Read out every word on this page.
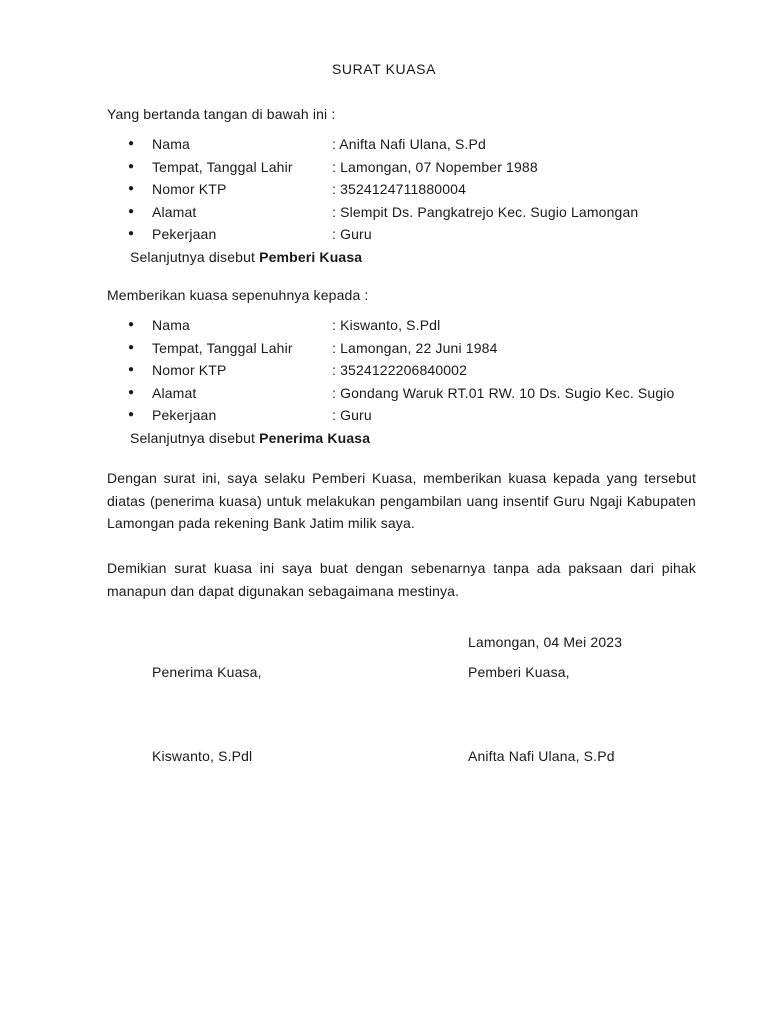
SURAT KUASA
Yang bertanda tangan di bawah ini :
● Nama	: Anifta Nafi Ulana, S.Pd
● Tempat, Tanggal Lahir	: Lamongan, 07 Nopember 1988
● Nomor KTP	: 3524124711880004
● Alamat	: Slempit Ds. Pangkatrejo Kec. Sugio Lamongan
● Pekerjaan	: Guru
Selanjutnya disebut Pemberi Kuasa
Memberikan kuasa sepenuhnya kepada :
● Nama	: Kiswanto, S.Pdl
● Tempat, Tanggal Lahir	: Lamongan, 22 Juni 1984
● Nomor KTP	: 3524122206840002
● Alamat	: Gondang Waruk RT.01 RW. 10 Ds. Sugio Kec. Sugio
● Pekerjaan	: Guru
Selanjutnya disebut Penerima Kuasa
Dengan surat ini, saya selaku Pemberi Kuasa, memberikan kuasa kepada yang tersebut diatas (penerima kuasa) untuk melakukan pengambilan uang insentif Guru Ngaji Kabupaten Lamongan pada rekening Bank Jatim milik saya.
Demikian surat kuasa ini saya buat dengan sebenarnya tanpa ada paksaan dari pihak manapun dan dapat digunakan sebagaimana mestinya.
Lamongan, 04 Mei 2023
Penerima Kuasa,	Pemberi Kuasa,
Kiswanto, S.Pdl	Anifta Nafi Ulana, S.Pd
